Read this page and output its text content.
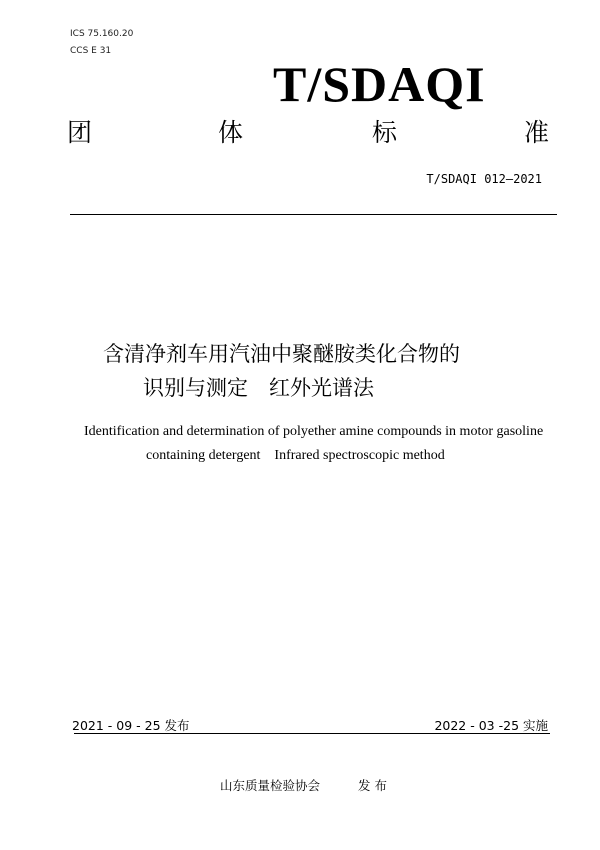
ICS 75.160.20
CCS E 31
T/SDAQI
团	体	标	准
T/SDAQI 012—2021
含清净剂车用汽油中聚醚胺类化合物的
识别与测定　红外光谱法
Identification and determination of polyether amine compounds in motor gasoline
containing detergent　Infrared spectroscopic method
2021 - 09 - 25 发布	2022 - 03 -25 实施
山东质量检验协会	发 布
